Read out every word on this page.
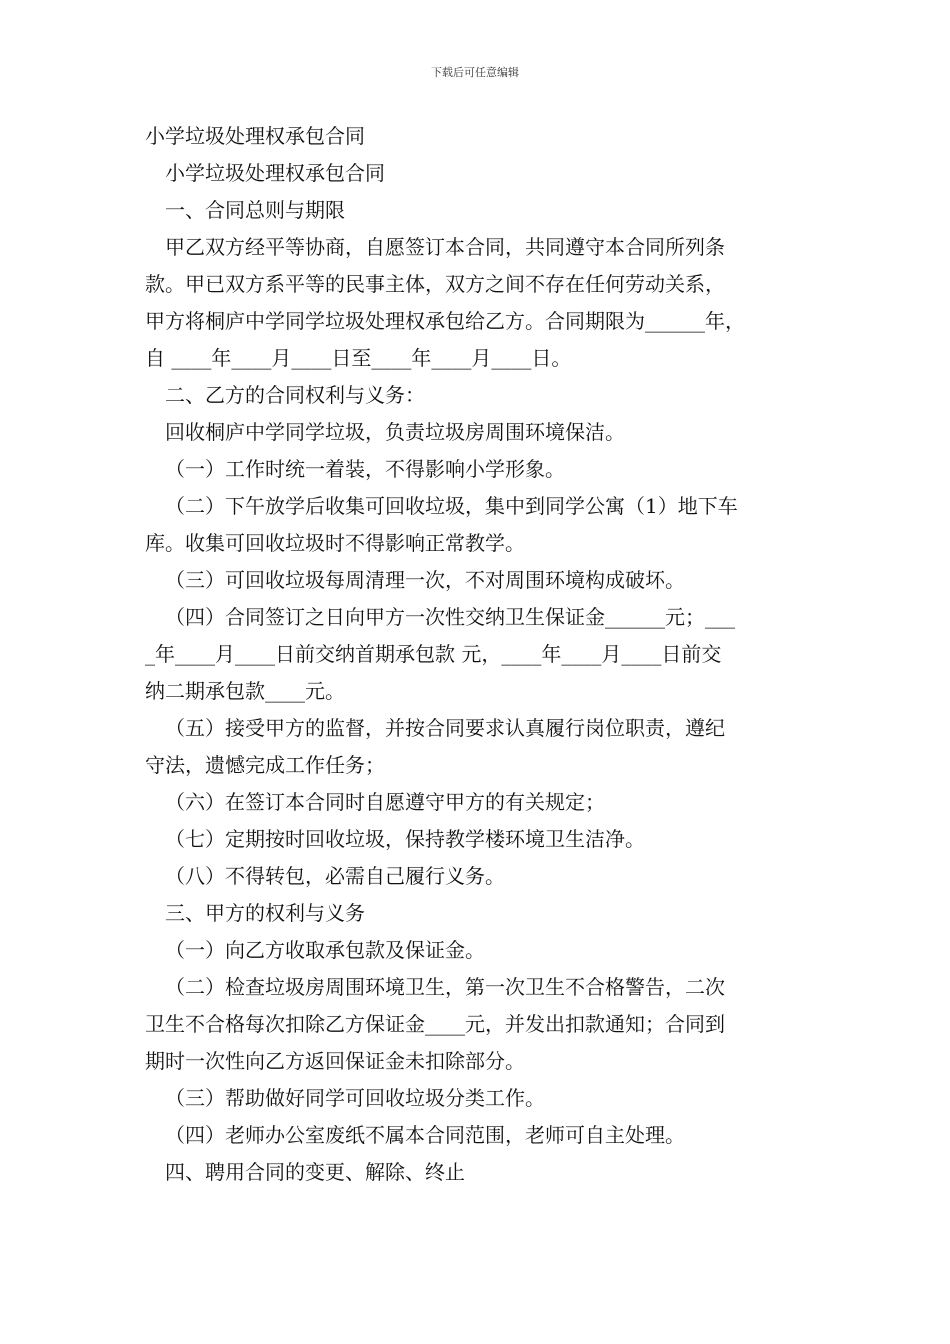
下载后可任意编辑

小学垃圾处理权承包合同

小学垃圾处理权承包合同

一、合同总则与期限

甲乙双方经平等协商，自愿签订本合同，共同遵守本合同所列条

款。甲已双方系平等的民事主体，双方之间不存在任何劳动关系，

甲方将桐庐中学同学垃圾处理权承包给乙方。合同期限为______年，

自 ____年____月____日至____年____月____日。

二、乙方的合同权利与义务：

回收桐庐中学同学垃圾，负责垃圾房周围环境保洁。

（一）工作时统一着装，不得影响小学形象。

（二）下午放学后收集可回收垃圾，集中到同学公寓（1）地下车

库。收集可回收垃圾时不得影响正常教学。

（三）可回收垃圾每周清理一次，不对周围环境构成破坏。

（四）合同签订之日向甲方一次性交纳卫生保证金______元；___

_年____月____日前交纳首期承包款 元，____年____月____日前交

纳二期承包款____元。

（五）接受甲方的监督，并按合同要求认真履行岗位职责，遵纪

守法，遗憾完成工作任务；

（六）在签订本合同时自愿遵守甲方的有关规定；

（七）定期按时回收垃圾，保持教学楼环境卫生洁净。

（八）不得转包，必需自己履行义务。

三、甲方的权利与义务

（一）向乙方收取承包款及保证金。

（二）检查垃圾房周围环境卫生，第一次卫生不合格警告，二次

卫生不合格每次扣除乙方保证金____元，并发出扣款通知；合同到

期时一次性向乙方返回保证金未扣除部分。

（三）帮助做好同学可回收垃圾分类工作。

（四）老师办公室废纸不属本合同范围，老师可自主处理。

四、聘用合同的变更、解除、终止
